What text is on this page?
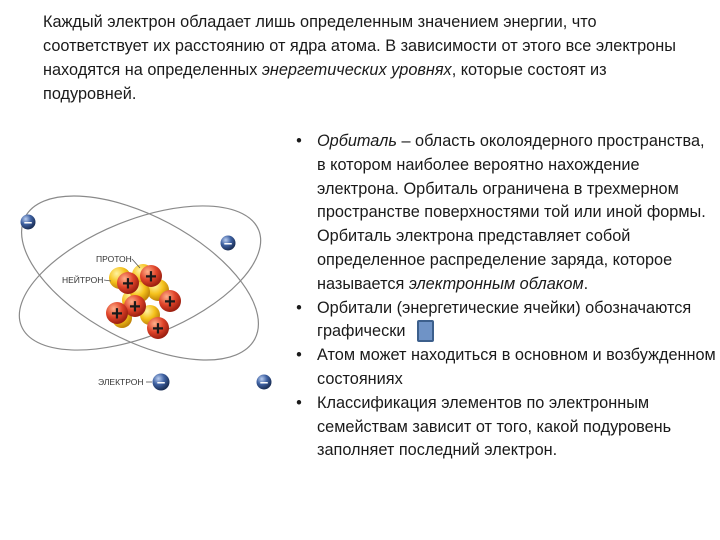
Каждый электрон обладает лишь определенным значением энергии, что соответствует их расстоянию от ядра атома. В зависимости от этого все электроны находятся на определенных энергетических уровнях, которые состоят из подуровней.

+ +
+
+
+
+
–
–
–	–
ПРОТОН
НЕЙТРОН
ЭЛЕКТРОН
• Орбиталь – область околоядерного пространства, в котором наиболее вероятно нахождение электрона. Орбиталь ограничена в трехмерном пространстве поверхностями той или иной формы. Орбиталь электрона представляет собой определенное распределение заряда, которое называется электронным облаком.
• Орбитали (энергетические ячейки) обозначаются графически
• Атом может находиться в основном и возбужденном состояниях
• Классификация элементов по электронным семействам зависит от того, какой подуровень заполняет последний электрон.
